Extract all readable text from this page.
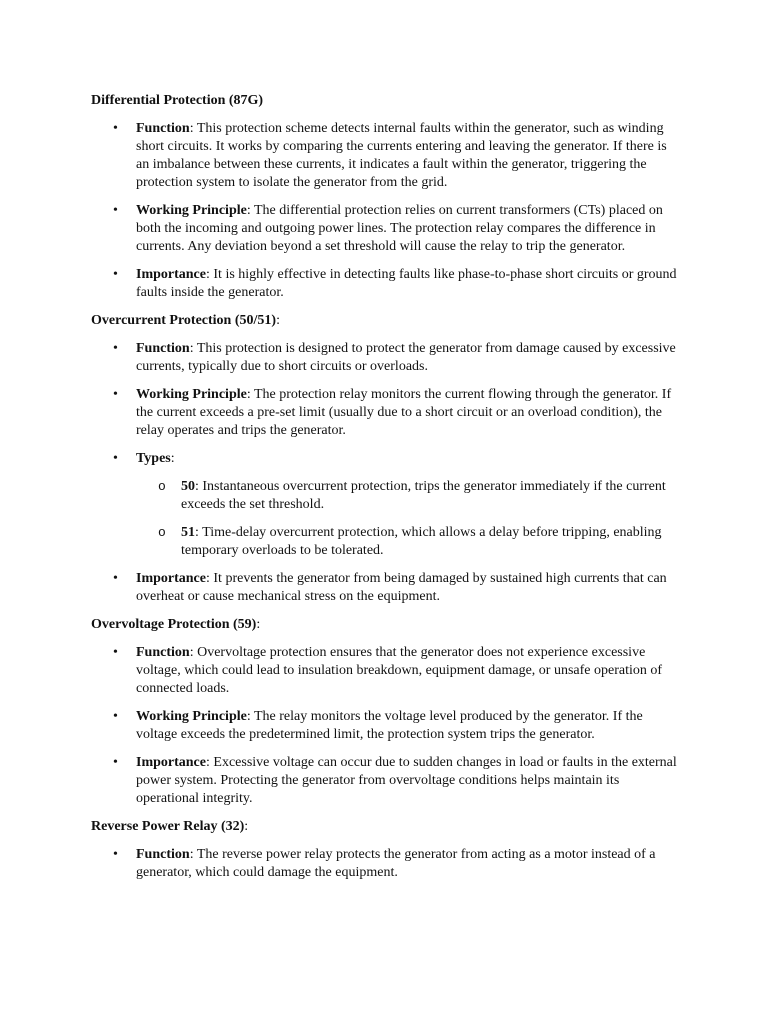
Differential Protection (87G)

• Function: This protection scheme detects internal faults within the generator, such as winding short circuits. It works by comparing the currents entering and leaving the generator. If there is an imbalance between these currents, it indicates a fault within the generator, triggering the protection system to isolate the generator from the grid.
• Working Principle: The differential protection relies on current transformers (CTs) placed on both the incoming and outgoing power lines. The protection relay compares the difference in currents. Any deviation beyond a set threshold will cause the relay to trip the generator.
• Importance: It is highly effective in detecting faults like phase-to-phase short circuits or ground faults inside the generator.

Overcurrent Protection (50/51):

• Function: This protection is designed to protect the generator from damage caused by excessive currents, typically due to short circuits or overloads.
• Working Principle: The protection relay monitors the current flowing through the generator. If the current exceeds a pre-set limit (usually due to a short circuit or an overload condition), the relay operates and trips the generator.
• Types:
o 50: Instantaneous overcurrent protection, trips the generator immediately if the current exceeds the set threshold.
o 51: Time-delay overcurrent protection, which allows a delay before tripping, enabling temporary overloads to be tolerated.
• Importance: It prevents the generator from being damaged by sustained high currents that can overheat or cause mechanical stress on the equipment.

Overvoltage Protection (59):

• Function: Overvoltage protection ensures that the generator does not experience excessive voltage, which could lead to insulation breakdown, equipment damage, or unsafe operation of connected loads.
• Working Principle: The relay monitors the voltage level produced by the generator. If the voltage exceeds the predetermined limit, the protection system trips the generator.
• Importance: Excessive voltage can occur due to sudden changes in load or faults in the external power system. Protecting the generator from overvoltage conditions helps maintain its operational integrity.

Reverse Power Relay (32):

• Function: The reverse power relay protects the generator from acting as a motor instead of a generator, which could damage the equipment.
